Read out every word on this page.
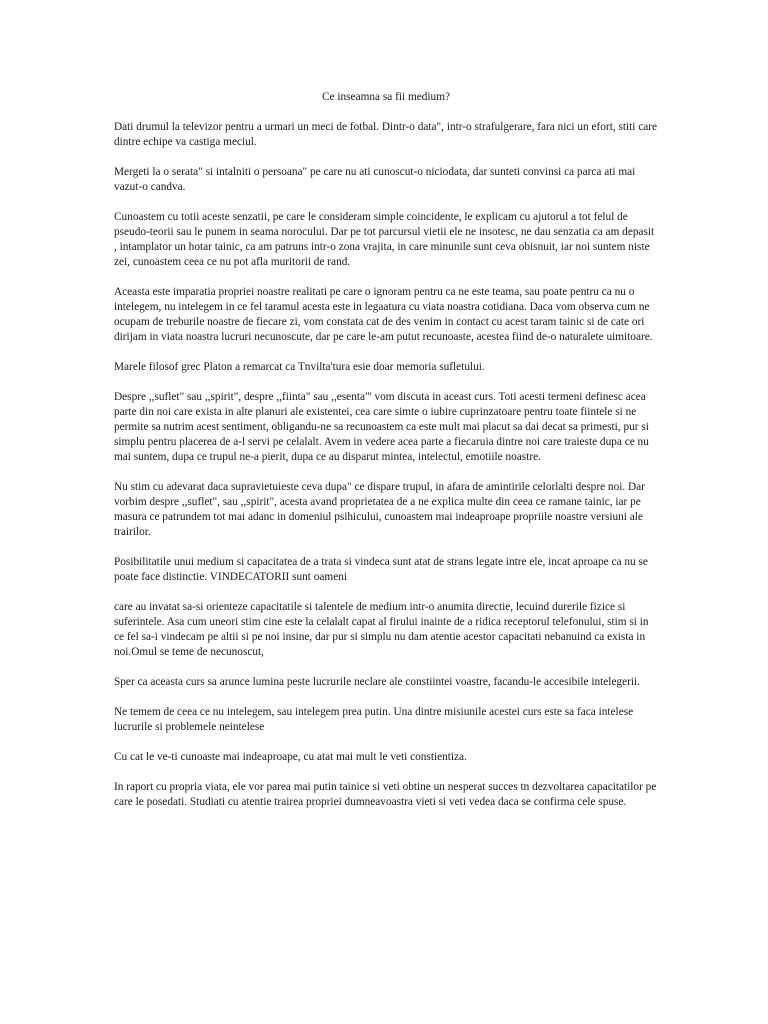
Ce inseamna sa fii medium?

Dati drumul la televizor pentru a urmari un meci de fotbal. Dintr-o data", intr-o strafulgerare, fara nici un efort, stiti care dintre echipe va castiga meciul.

Mergeti la o serata" si intalniti o persoana" pe care nu ati cunoscut-o niciodata, dar sunteti convinsi ca parca ati mai vazut-o candva.

Cunoastem cu totii aceste senzatii, pe care le consideram simple coincidente, le explicam cu ajutorul a tot felul de pseudo-teorii sau le punem in seama norocului. Dar pe tot parcursul vietii ele ne insotesc, ne dau senzatia ca am depasit , intamplator un hotar tainic, ca am patruns intr-o zona vrajita, in care minunile sunt ceva obisnuit, iar noi suntem niste zei, cunoastem ceea ce nu pot afla muritorii de rand.

Aceasta este imparatia propriei noastre realitati pe care o ignoram pentru ca ne este teama, sau poate pentru ca nu o intelegem, nu intelegem in ce fel taramul acesta este in legaatura cu viata noastra cotidiana. Daca vom observa cum ne ocupam de treburile noastre de fiecare zi, vom constata cat de des venim in contact cu acest taram tainic si de cate ori dirijam in viata noastra lucruri necunoscute, dar pe care le-am putut recunoaste, acestea fiind de-o naturalete uimitoare.

Marele filosof grec Platon a remarcat ca Tnvilta'tura esie doar memoria sufletului.

Despre ,,suflet" sau ,,spirit", despre ,,fiinta" sau ,,esenta"' vom discuta in aceast curs. Toti acesti termeni definesc acea parte din noi care exista in alte planuri ale existentei, cea care simte o iubire cuprinzatoare pentru toate fiintele si ne permite sa nutrim acest sentiment, obligandu-ne sa recunoastem ca este mult mai placut sa dai decat sa primesti, pur si simplu pentru placerea de a-l servi pe celalalt. Avem in vedere acea parte a fiecaruia dintre noi care traieste dupa ce nu mai suntem, dupa ce trupul ne-a pierit, dupa ce au disparut mintea, intelectul, emotiile noastre.

Nu stim cu adevarat daca supravietuieste ceva dupa" ce dispare trupul, in afara de amintirile celorlalti despre noi. Dar vorbim despre ,,suflet", sau ,,spirit", acesta avand proprietatea de a ne explica multe din ceea ce ramane tainic, iar pe masura ce patrundem tot mai adanc in domeniul psihicului, cunoastem mai indeaproape propriile noastre versiuni ale trairilor.

Posibilitatile unui medium si capacitatea de a trata si vindeca sunt atat de strans legate intre ele, incat aproape ca nu se poate face distinctie. VINDECATORII sunt oameni

care au invatat sa-si orienteze capacitatile si talentele de medium intr-o anumita directie, lecuind durerile fizice si suferintele. Asa cum uneori stim cine este la celalalt capat al firului inainte de a ridica receptorul telefonului, stim si in ce fel sa-i vindecam pe altii si pe noi insine, dar pur si simplu nu dam atentie acestor capacitati nebanuind ca exista in noi.Omul se teme de necunoscut,

Sper ca aceasta curs sa arunce lumina peste lucrurile neclare ale constiintei voastre, facandu-le accesibile intelegerii.

Ne temem de ceea ce nu intelegem, sau intelegem prea putin. Una dintre misiunile acestei curs este sa faca intelese lucrurile si problemele neintelese

Cu cat le ve-ti cunoaste mai indeaproape, cu atat mai mult le veti constientiza.

In raport cu propria viata, ele vor parea mai putin tainice si veti obtine un nesperat succes tn dezvoltarea capacitatilor pe care le posedati. Studiati cu atentie trairea propriei dumneavoastra vieti si veti vedea daca se confirma cele spuse.
